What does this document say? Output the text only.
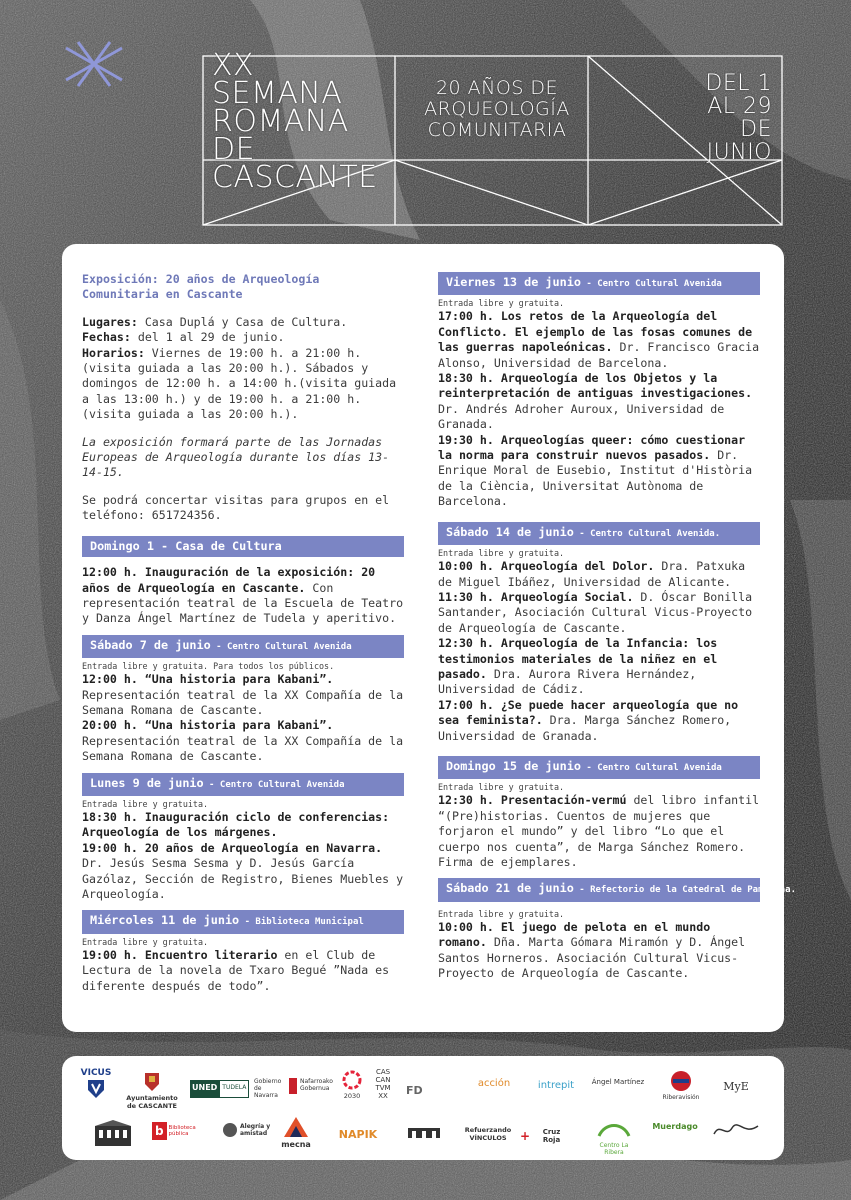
XX SEMANA
ROMANA DE
CASCANTE
20 AÑOS DE
ARQUEOLOGÍA
COMUNITARIA
DEL 1
AL 29
DE
JUNIO
Exposición: 20 años de Arqueología
Comunitaria en Cascante

Lugares: Casa Duplá y Casa de Cultura.

Fechas: del 1 al 29 de junio.

Horarios: Viernes de 19:00 h. a 21:00 h.(visita guiada a las 20:00 h.). Sábados y domingos de 12:00 h. a 14:00 h.(visita guiada a las 13:00 h.) y de 19:00 h. a 21:00 h.(visita guiada a las 20:00 h.).

La exposición formará parte de las Jornadas Europeas de Arqueología durante los días 13-14-15.

Se podrá concertar visitas para grupos en el teléfono: 651724356.

Domingo 1 - Casa de Cultura

12:00 h. Inauguración de la exposición: 20 años de Arqueología en Cascante. Con representación teatral de la Escuela de Teatro y Danza Ángel Martínez de Tudela y aperitivo.

Sábado 7 de junio - Centro Cultural Avenida
Entrada libre y gratuita. Para todos los públicos.

12:00 h. “Una historia para Kabani”. Representación teatral de la XX Compañía de la Semana Romana de Cascante.

20:00 h. “Una historia para Kabani”. Representación teatral de la XX Compañía de la Semana Romana de Cascante.

Lunes 9 de junio - Centro Cultural Avenida
Entrada libre y gratuita.

18:30 h. Inauguración ciclo de conferencias: Arqueología de los márgenes.

19:00 h. 20 años de Arqueología en Navarra. Dr. Jesús Sesma Sesma y D. Jesús García Gazólaz, Sección de Registro, Bienes Muebles y Arqueología.

Miércoles 11 de junio - Biblioteca Municipal
Entrada libre y gratuita.

19:00 h. Encuentro literario en el Club de Lectura de la novela de Txaro Begué ”Nada es diferente después de todo”.

Viernes 13 de junio - Centro Cultural Avenida
Entrada libre y gratuita.

17:00 h. Los retos de la Arqueología del Conflicto. El ejemplo de las fosas comunes de las guerras napoleónicas. Dr. Francisco Gracia Alonso, Universidad de Barcelona.

18:30 h. Arqueología de los Objetos y la reinterpretación de antiguas investigaciones. Dr. Andrés Adroher Auroux, Universidad de Granada.

19:30 h. Arqueologías queer: cómo cuestionar la norma para construir nuevos pasados. Dr. Enrique Moral de Eusebio, Institut d'Història de la Ciència, Universitat Autònoma de Barcelona.

Sábado 14 de junio - Centro Cultural Avenida.
Entrada libre y gratuita.

10:00 h. Arqueología del Dolor. Dra. Patxuka de Miguel Ibáñez, Universidad de Alicante.

11:30 h. Arqueología Social. D. Óscar Bonilla Santander, Asociación Cultural Vicus-Proyecto de Arqueología de Cascante.

12:30 h. Arqueología de la Infancia: los testimonios materiales de la niñez en el pasado. Dra. Aurora Rivera Hernández, Universidad de Cádiz.

17:00 h. ¿Se puede hacer arqueología que no sea feminista?. Dra. Marga Sánchez Romero, Universidad de Granada.

Domingo 15 de junio - Centro Cultural Avenida
Entrada libre y gratuita.

12:30 h. Presentación-vermú del libro infantil “(Pre)historias. Cuentos de mujeres que forjaron el mundo” y del libro “Lo que el cuerpo nos cuenta”, de Marga Sánchez Romero. Firma de ejemplares.

Sábado 21 de junio - Refectorio de la Catedral de Pamplona.
Entrada libre y gratuita.

10:00 h. El juego de pelota en el mundo romano. Dña. Marta Gómara Miramón y D. Ángel Santos Horneros. Asociación Cultural Vicus-Proyecto de Arqueología de Cascante.

VICUS
Ayuntamiento de CASCANTE
UNED TUDELA
Gobierno de Navarra
Nafarroako Gobernua
2030
CAS CAN TVM XX	FD
acción	intrepit	Ángel Martínez
Riberavisión
MyE
b Biblioteca pública
Alegría y amistad
mecna
NAPIK	Refuerzando VÍNCULOS	+	Cruz Roja
Centro La Ribera
Muerdago
